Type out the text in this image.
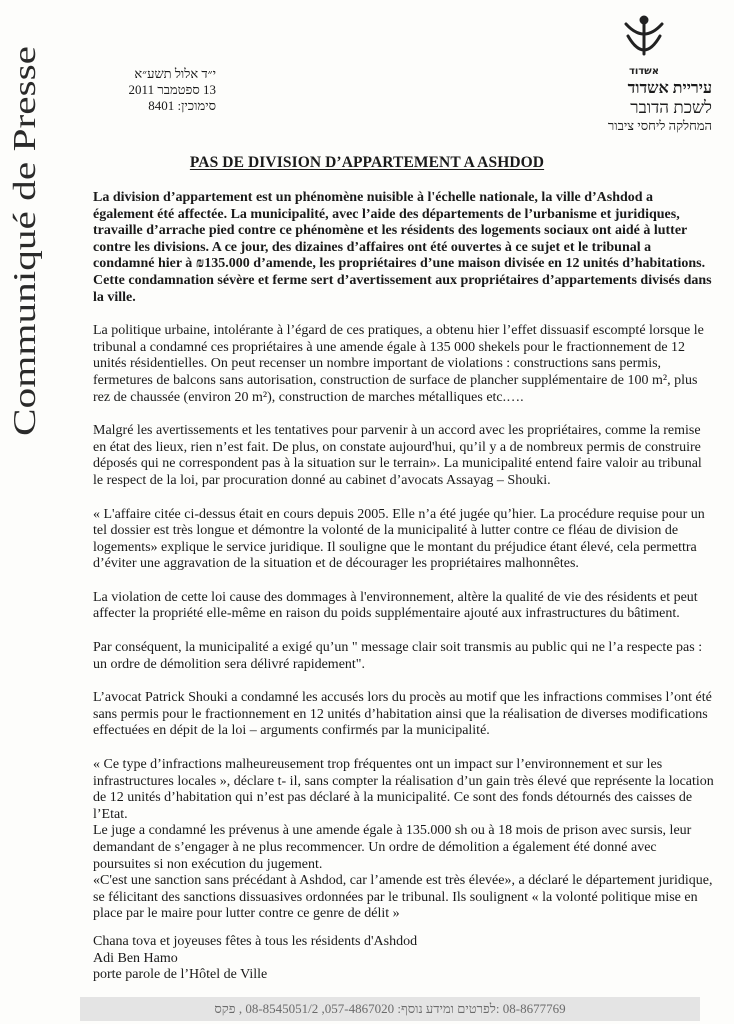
Communiqué de Presse
י״ד אלול תשע״א
13 ספטמבר 2011
סימוכין: 8401
אשדוד
עיריית אשדוד
לשכת הדובר
המחלקה ליחסי ציבור
PAS DE DIVISION D’APPARTEMENT A ASHDOD

La division d’appartement est un phénomène nuisible à l'échelle nationale, la ville d’Ashdod a également été affectée. La municipalité, avec l’aide des départements de l’urbanisme et juridiques, travaille d’arrache pied contre ce phénomène et les résidents des logements sociaux ont aidé à lutter contre les divisions. A ce jour, des dizaines d’affaires ont été ouvertes à ce sujet et le tribunal a condamné hier à ₪135.000 d’amende, les propriétaires d’une maison divisée en 12 unités d’habitations. Cette condamnation sévère et ferme sert d’avertissement aux propriétaires d’appartements divisés dans la ville.

La politique urbaine, intolérante à l’égard de ces pratiques, a obtenu hier l’effet dissuasif escompté lorsque le tribunal a condamné ces propriétaires à une amende égale à 135 000 shekels pour le fractionnement de 12 unités résidentielles. On peut recenser un nombre important de violations : constructions sans permis, fermetures de balcons sans autorisation, construction de surface de plancher supplémentaire de 100 m², plus rez de chaussée (environ 20 m²), construction de marches métalliques etc.….

Malgré les avertissements et les tentatives pour parvenir à un accord avec les propriétaires, comme la remise en état des lieux, rien n’est fait. De plus, on constate aujourd'hui, qu’il y a de nombreux permis de construire déposés qui ne correspondent pas à la situation sur le terrain». La municipalité entend faire valoir au tribunal le respect de la loi, par procuration donné au cabinet d’avocats Assayag – Shouki.

« L'affaire citée ci-dessus était en cours depuis 2005. Elle n’a été jugée qu’hier. La procédure requise pour un tel dossier est très longue et démontre la volonté de la municipalité à lutter contre ce fléau de division de logements» explique le service juridique. Il souligne que le montant du préjudice étant élevé, cela permettra d’éviter une aggravation de la situation et de décourager les propriétaires malhonnêtes.

La violation de cette loi cause des dommages à l'environnement, altère la qualité de vie des résidents et peut affecter la propriété elle-même en raison du poids supplémentaire ajouté aux infrastructures du bâtiment.

Par conséquent, la municipalité a exigé qu’un " message clair soit transmis au public qui ne l’a respecte pas : un ordre de démolition sera délivré rapidement".

L’avocat Patrick Shouki a condamné les accusés lors du procès au motif que les infractions commises l’ont été sans permis pour le fractionnement en 12 unités d’habitation ainsi que la réalisation de diverses modifications effectuées en dépit de la loi – arguments confirmés par la municipalité.

« Ce type d’infractions malheureusement trop fréquentes ont un impact sur l’environnement et sur les infrastructures locales », déclare t- il, sans compter la réalisation d’un gain très élevé que représente la location de 12 unités d’habitation qui n’est pas déclaré à la municipalité. Ce sont des fonds détournés des caisses de l’Etat.

Le juge a condamné les prévenus à une amende égale à 135.000 sh ou à 18 mois de prison avec sursis, leur demandant de s’engager à ne plus recommencer. Un ordre de démolition a également été donné avec poursuites si non exécution du jugement.

«C'est une sanction sans précédant à Ashdod, car l’amende est très élevée», a déclaré le département juridique, se félicitant des sanctions dissuasives ordonnées par le tribunal. Ils soulignent « la volonté politique mise en place par le maire pour lutter contre ce genre de délit »

Chana tova et joyeuses fêtes à tous les résidents d'Ashdod
Adi Ben Hamo
porte parole de l’Hôtel de Ville
08-8677769 :לפרטים ומידע נוסף: 057-4867020, 08-8545051/2 , פקס
